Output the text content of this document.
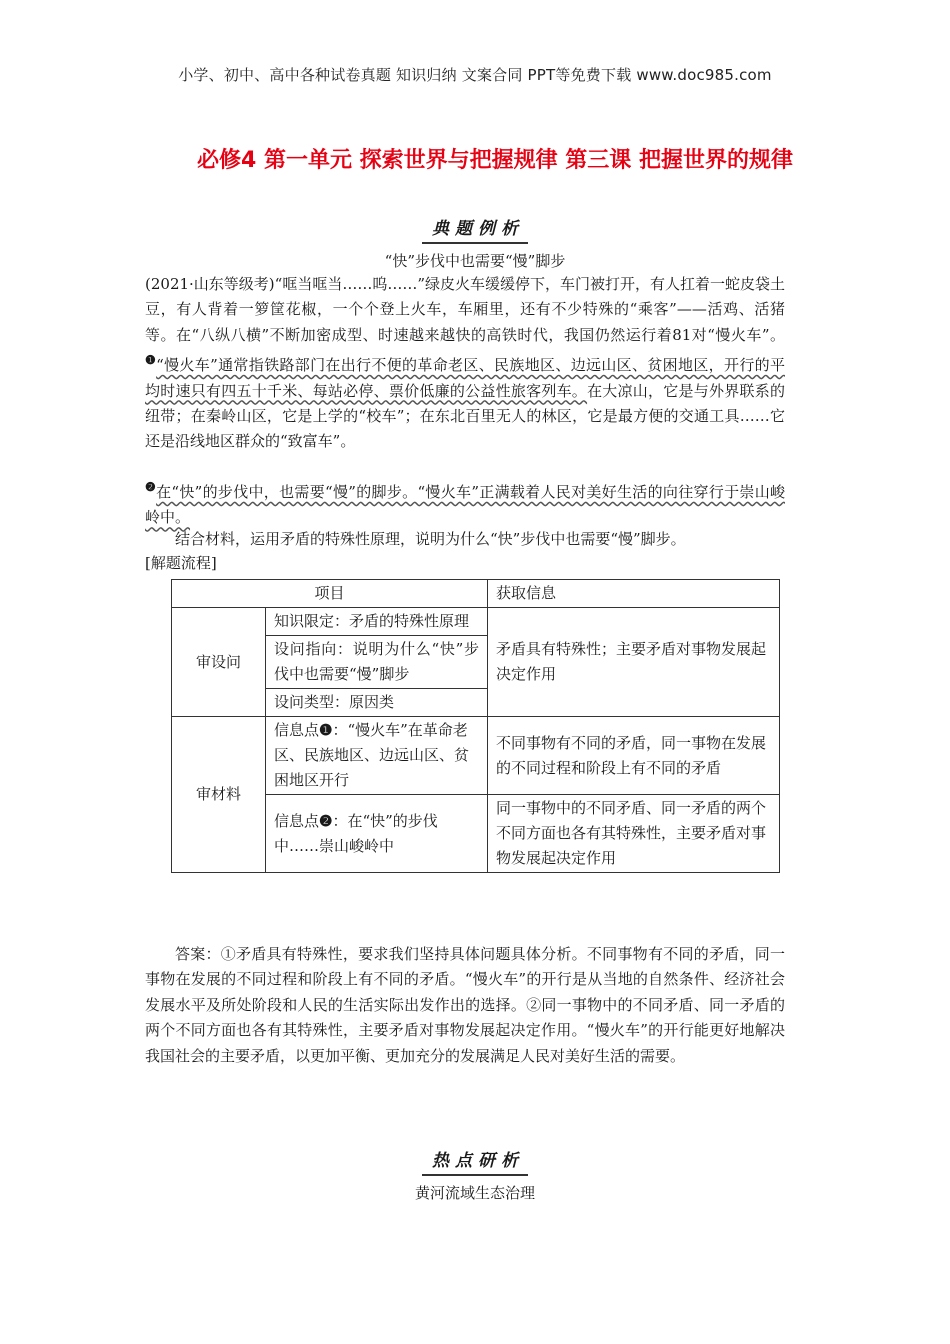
小学、初中、高中各种试卷真题 知识归纳 文案合同 PPT等免费下载 www.doc985.com
必修4 第一单元 探索世界与把握规律 第三课 把握世界的规律
典题例析
“快”步伐中也需要“慢”脚步
(2021·山东等级考)“哐当哐当……呜……”绿皮火车缓缓停下，车门被打开，有人扛着一蛇皮袋土豆，有人背着一箩筐花椒，一个个登上火车，车厢里，还有不少特殊的“乘客”——活鸡、活猪等。在“八纵八横”不断加密成型、时速越来越快的高铁时代，我国仍然运行着81对“慢火车”。$^❶$“慢火车”通常指铁路部门在出行不便的革命老区、民族地区、边远山区、贫困地区，开行的平均时速只有四五十千米、每站必停、票价低廉的公益性旅客列车。在大凉山，它是与外界联系的纽带；在秦岭山区，它是上学的“校车”；在东北百里无人的林区，它是最方便的交通工具……它还是沿线地区群众的“致富车”。
$^❷$在“快”的步伐中，也需要“慢”的脚步。“慢火车”正满载着人民对美好生活的向往穿行于崇山峻岭中。
结合材料，运用矛盾的特殊性原理，说明为什么“快”步伐中也需要“慢”脚步。
[解题流程]
项目		获取信息
审设问	知识限定：矛盾的特殊性原理	矛盾具有特殊性；主要矛盾对事物发展起决定作用
	设问指向：说明为什么“快”步伐中也需要“慢”脚步	
	设问类型：原因类	
审材料	信息点❶：“慢火车”在革命老区、民族地区、边远山区、贫困地区开行	不同事物有不同的矛盾，同一事物在发展的不同过程和阶段上有不同的矛盾
	信息点❷：在“快”的步伐中……崇山峻岭中	同一事物中的不同矛盾、同一矛盾的两个不同方面也各有其特殊性，主要矛盾对事物发展起决定作用
答案：①矛盾具有特殊性，要求我们坚持具体问题具体分析。不同事物有不同的矛盾，同一事物在发展的不同过程和阶段上有不同的矛盾。“慢火车”的开行是从当地的自然条件、经济社会发展水平及所处阶段和人民的生活实际出发作出的选择。②同一事物中的不同矛盾、同一矛盾的两个不同方面也各有其特殊性，主要矛盾对事物发展起决定作用。“慢火车”的开行能更好地解决我国社会的主要矛盾，以更加平衡、更加充分的发展满足人民对美好生活的需要。
热点研析
黄河流域生态治理
